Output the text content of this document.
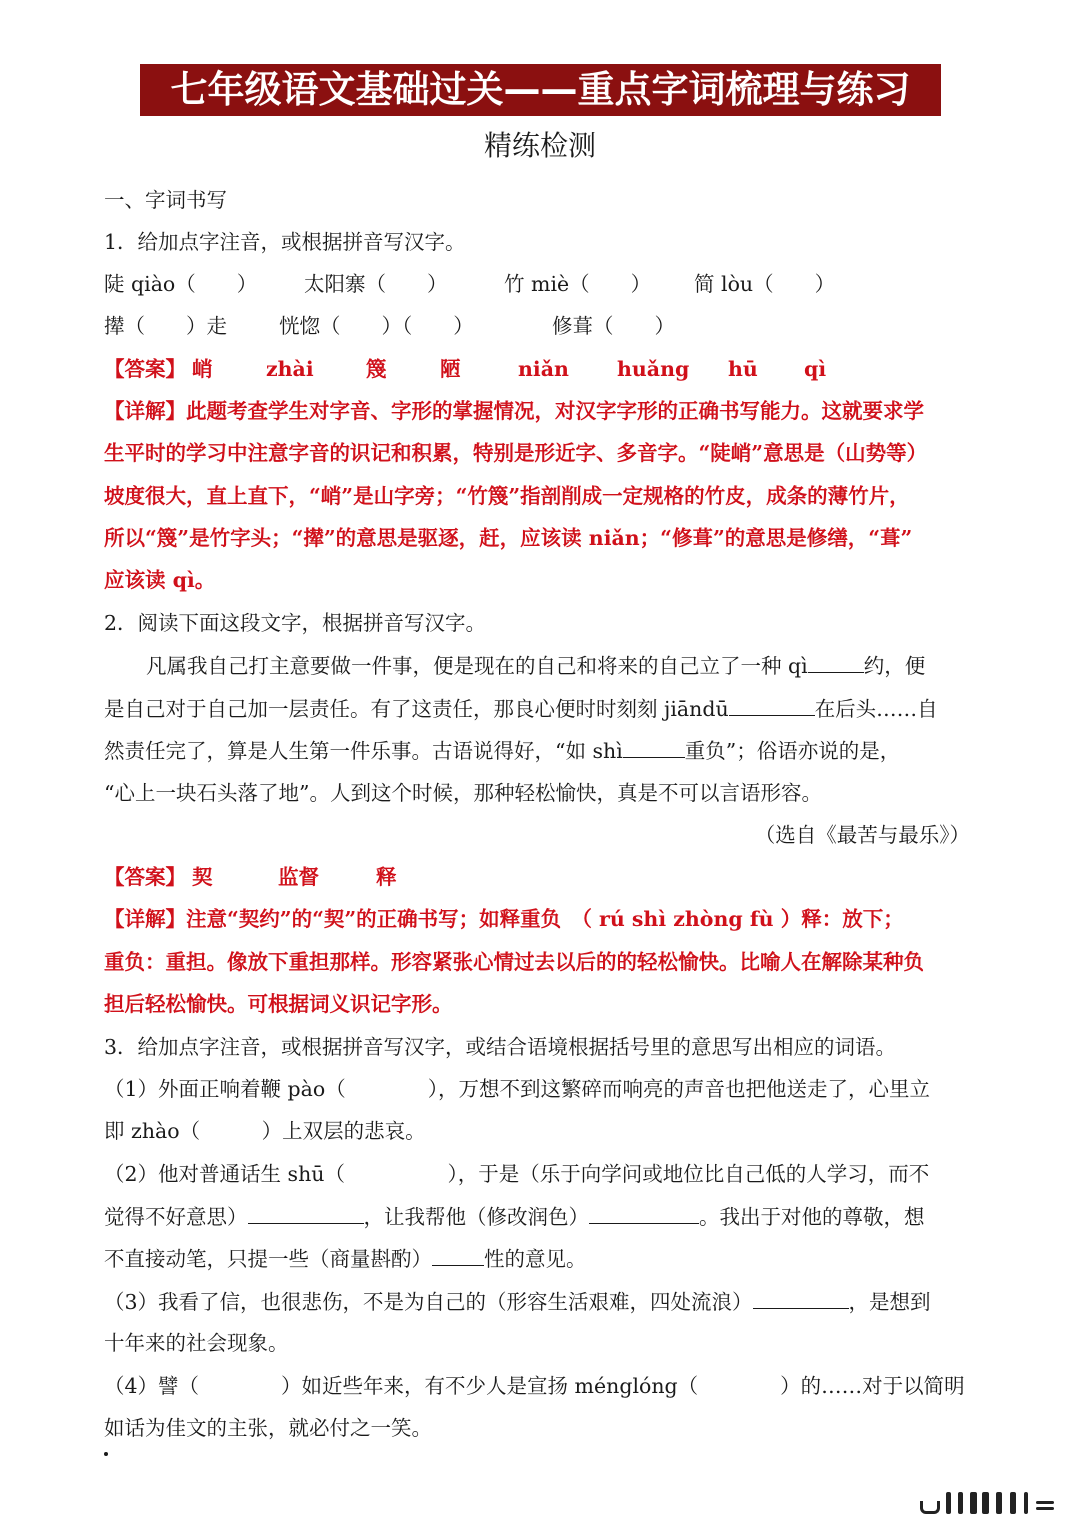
七年级语文基础过关——重点字词梳理与练习
精练检测
一、字词书写
1．给加点字注音，或根据拼音写汉字。
陡 qiào（　　） 太阳寨（　　）	竹 miè（　　） 简 lòu（　　）
撵（　　）走	恍惚（　　）（　　）	修葺（　　）
【答案】 峭	zhài	篾	陋	niǎn huǎng hū qì
【详解】此题考查学生对字音、字形的掌握情况，对汉字字形的正确书写能力。这就要求学
生平时的学习中注意字音的识记和积累，特别是形近字、多音字。“陡峭”意思是（山势等）
坡度很大，直上直下，“峭”是山字旁；“竹篾”指剖削成一定规格的竹皮，成条的薄竹片，
所以“篾”是竹字头；“撵”的意思是驱逐，赶，应该读 niǎn；“修葺”的意思是修缮，“葺”
应该读 qì。
2．阅读下面这段文字，根据拼音写汉字。
凡属我自己打主意要做一件事，便是现在的自己和将来的自己立了一种 qì	约，便
是自己对于自己加一层责任。有了这责任，那良心便时时刻刻 jiāndū	在后头……自
然责任完了，算是人生第一件乐事。古语说得好，“如 shì	重负”；俗语亦说的是，
“心上一块石头落了地”。人到这个时候，那种轻松愉快，真是不可以言语形容。
（选自《最苦与最乐》）
【答案】 契	监督	释
【详解】注意“契约”的“契”的正确书写；如释重负　（ rú shì zhòng fù ）释：放下；
重负：重担。像放下重担那样。形容紧张心情过去以后的的轻松愉快。比喻人在解除某种负
担后轻松愉快。可根据词义识记字形。
3．给加点字注音，或根据拼音写汉字，或结合语境根据括号里的意思写出相应的词语。
（1）外面正响着鞭 pào（　　　　），万想不到这繁碎而响亮的声音也把他送走了，心里立
即 zhào（　　　）上双层的悲哀。
（2）他对普通话生 shū（　　　　　），于是（乐于向学问或地位比自己低的人学习，而不
觉得不好意思）	，让我帮他（修改润色）	。我出于对他的尊敬，想
不直接动笔，只提一些（商量斟酌）	性的意见。
（3）我看了信，也很悲伤，不是为自己的（形容生活艰难，四处流浪）	，是想到
十年来的社会现象。
（4）譬（　　　　）如近些年来，有不少人是宣扬 ménglóng（　　　　）的……对于以简明
如话为佳文的主张，就必付之一笑。
